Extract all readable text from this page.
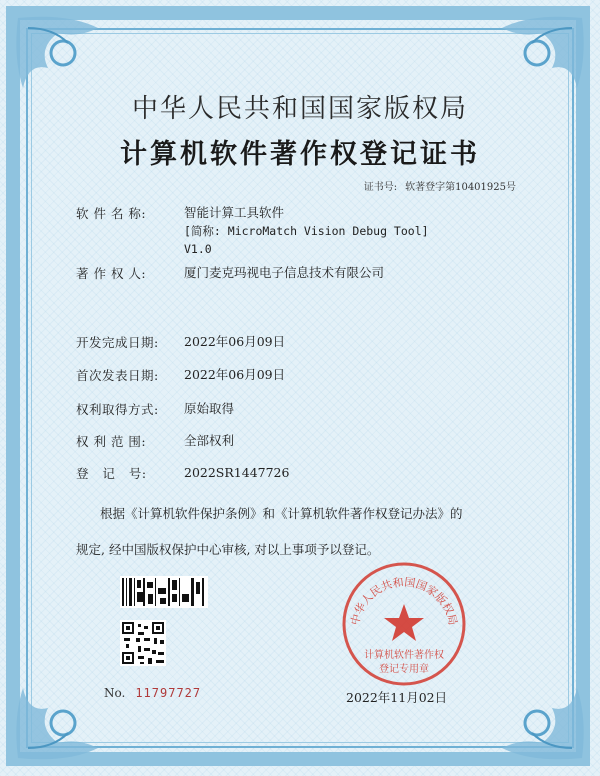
中华人民共和国国家版权局
计算机软件著作权登记证书
证书号: 软著登字第10401925号
软 件 名 称:	智能计算工具软件
[简称: MicroMatch Vision Debug Tool]
V1.0
著 作 权 人:	厦门麦克玛视电子信息技术有限公司
开发完成日期:	2022年06月09日
首次发表日期:	2022年06月09日
权利取得方式:	原始取得
权 利 范 围:	全部权利
登   记   号:	2022SR1447726
根据《计算机软件保护条例》和《计算机软件著作权登记办法》的
规定, 经中国版权保护中心审核, 对以上事项予以登记。
No. 11797727
中华人民共和国国家版权局
计算机软件著作权
登记专用章
2022年11月02日
